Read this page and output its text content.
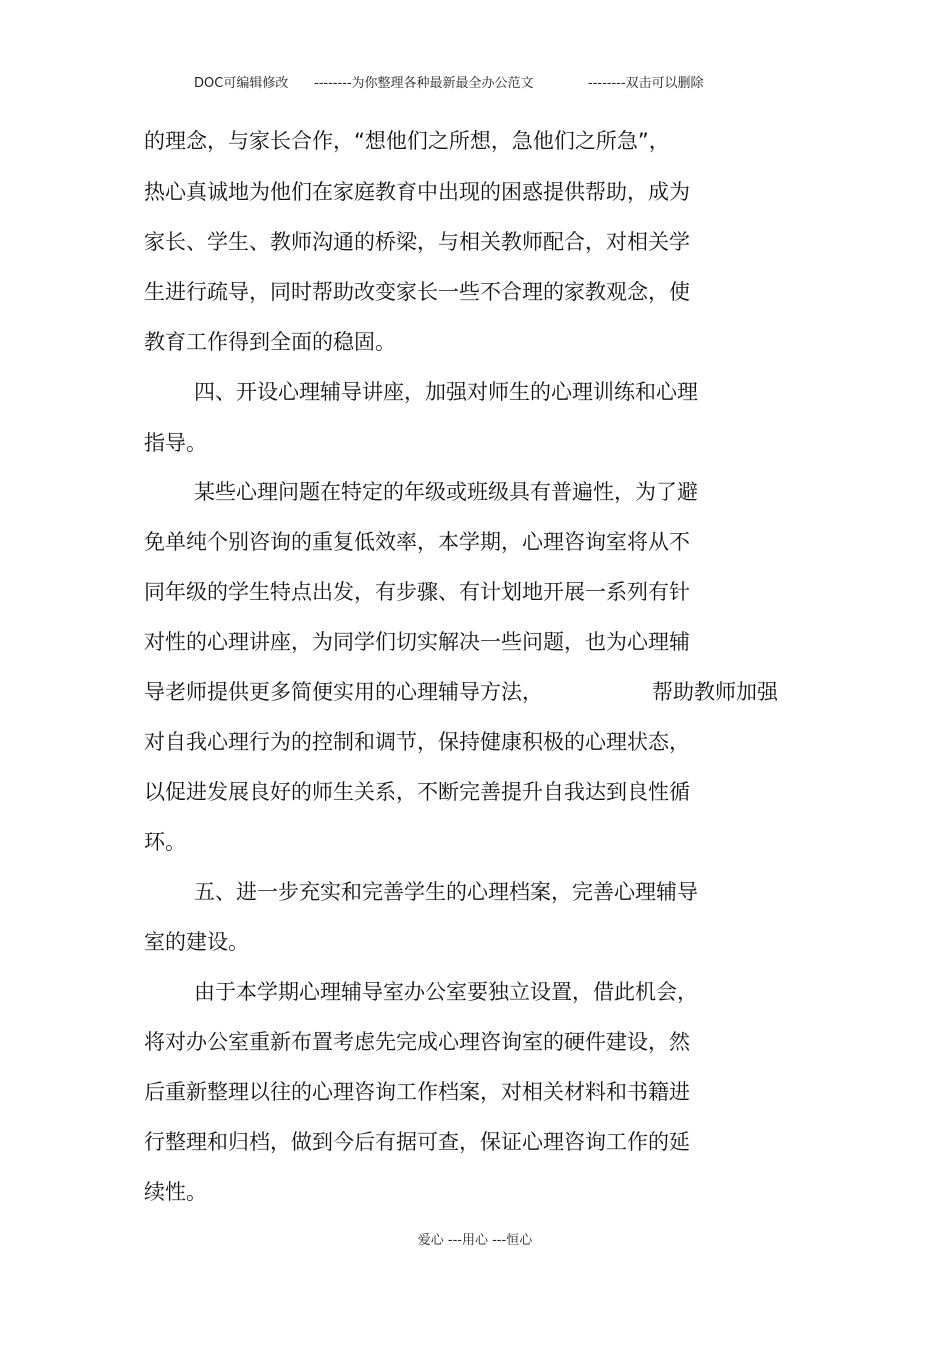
DOC可编辑修改 --------为你整理各种最新最全办公范文	--------双击可以删除
的理念，与家长合作，“想他们之所想，急他们之所急”，
热心真诚地为他们在家庭教育中出现的困惑提供帮助，成为
家长、学生、教师沟通的桥梁，与相关教师配合，对相关学
生进行疏导，同时帮助改变家长一些不合理的家教观念，使
教育工作得到全面的稳固。
四、开设心理辅导讲座，加强对师生的心理训练和心理
指导。
某些心理问题在特定的年级或班级具有普遍性，为了避
免单纯个别咨询的重复低效率，本学期，心理咨询室将从不
同年级的学生特点出发，有步骤、有计划地开展一系列有针
对性的心理讲座，为同学们切实解决一些问题，也为心理辅
导老师提供更多简便实用的心理辅导方法，	帮助教师加强
对自我心理行为的控制和调节，保持健康积极的心理状态，
以促进发展良好的师生关系，不断完善提升自我达到良性循
环。
五、进一步充实和完善学生的心理档案，完善心理辅导
室的建设。
由于本学期心理辅导室办公室要独立设置，借此机会，
将对办公室重新布置考虑先完成心理咨询室的硬件建设，然
后重新整理以往的心理咨询工作档案，对相关材料和书籍进
行整理和归档，做到今后有据可查，保证心理咨询工作的延
续性。
爱心 ---用心 ---恒心
